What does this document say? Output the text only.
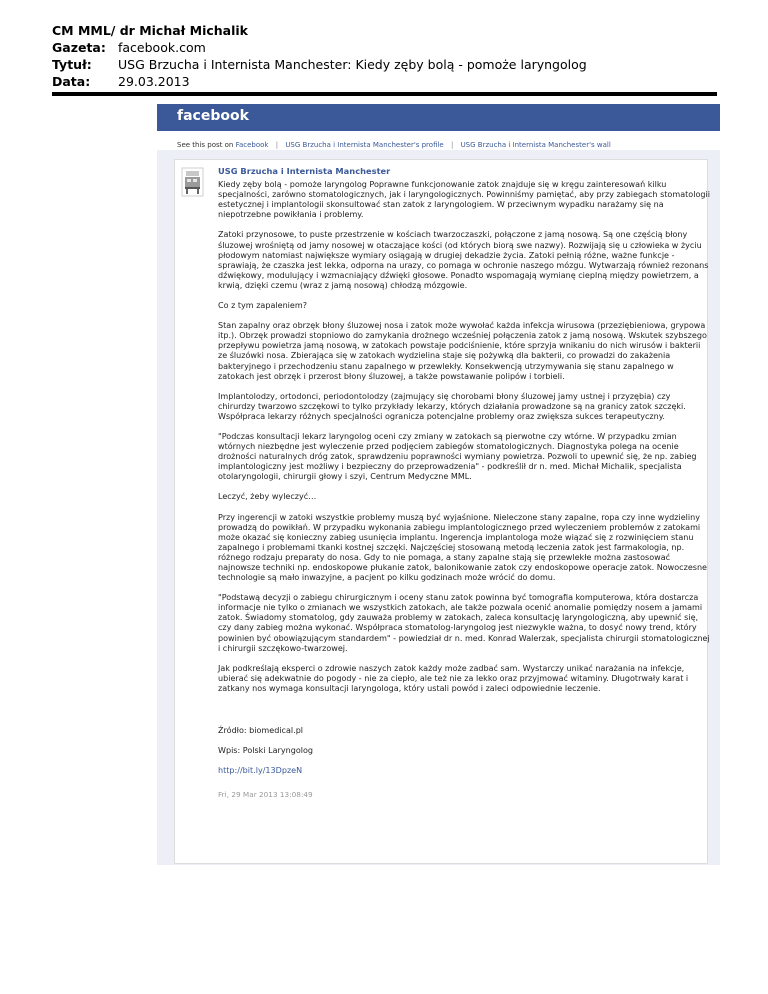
CM MML/ dr Michał Michalik
Gazeta: facebook.com
Tytuł: USG Brzucha i Internista Manchester: Kiedy zęby bolą - pomoże laryngolog
Data: 29.03.2013
facebook
See this post on Facebook | USG Brzucha i Internista Manchester's profile | USG Brzucha i Internista Manchester's wall
USG Brzucha i Internista Manchester

Kiedy zęby bolą - pomoże laryngolog Poprawne funkcjonowanie zatok znajduje się w kręgu zainteresowań kilku specjalności, zarówno stomatologicznych, jak i laryngologicznych. Powinniśmy pamiętać, aby przy zabiegach stomatologii estetycznej i implantologii skonsultować stan zatok z laryngologiem. W przeciwnym wypadku narażamy się na niepotrzebne powikłania i problemy.

Zatoki przynosowe, to puste przestrzenie w kościach twarzoczaszki, połączone z jamą nosową. Są one częścią błony śluzowej wrośniętą od jamy nosowej w otaczające kości (od których biorą swe nazwy). Rozwijają się u człowieka w życiu płodowym natomiast największe wymiary osiągają w drugiej dekadzie życia. Zatoki pełnią różne, ważne funkcje - sprawiają, że czaszka jest lekka, odporna na urazy, co pomaga w ochronie naszego mózgu. Wytwarzają również rezonans dźwiękowy, modulujący i wzmacniający dźwięki głosowe. Ponadto wspomagają wymianę cieplną między powietrzem, a krwią, dzięki czemu (wraz z jamą nosową) chłodzą mózgowie.

Co z tym zapaleniem?

Stan zapalny oraz obrzęk błony śluzowej nosa i zatok może wywołać każda infekcja wirusowa (przeziębieniowa, grypowa itp.). Obrzęk prowadzi stopniowo do zamykania drożnego wcześniej połączenia zatok z jamą nosową. Wskutek szybszego przepływu powietrza jamą nosową, w zatokach powstaje podciśnienie, które sprzyja wnikaniu do nich wirusów i bakterii ze śluzówki nosa. Zbierająca się w zatokach wydzielina staje się pożywką dla bakterii, co prowadzi do zakażenia bakteryjnego i przechodzeniu stanu zapalnego w przewlekły. Konsekwencją utrzymywania się stanu zapalnego w zatokach jest obrzęk i przerost błony śluzowej, a także powstawanie polipów i torbieli.

Implantolodzy, ortodonci, periodontolodzy (zajmujący się chorobami błony śluzowej jamy ustnej i przyzębia) czy chirurdzy twarzowo szczękowi to tylko przykłady lekarzy, których działania prowadzone są na granicy zatok szczęki. Współpraca lekarzy różnych specjalności ogranicza potencjalne problemy oraz zwiększa sukces terapeutyczny.

"Podczas konsultacji lekarz laryngolog oceni czy zmiany w zatokach są pierwotne czy wtórne. W przypadku zmian wtórnych niezbędne jest wyleczenie przed podjęciem zabiegów stomatologicznych. Diagnostyka polega na ocenie drożności naturalnych dróg zatok, sprawdzeniu poprawności wymiany powietrza. Pozwoli to upewnić się, że np. zabieg implantologiczny jest możliwy i bezpieczny do przeprowadzenia" - podkreślił dr n. med. Michał Michalik, specjalista otolaryngologii, chirurgii głowy i szyi, Centrum Medyczne MML.

Leczyć, żeby wyleczyć…

Przy ingerencji w zatoki wszystkie problemy muszą być wyjaśnione. Nieleczone stany zapalne, ropa czy inne wydzieliny prowadzą do powikłań. W przypadku wykonania zabiegu implantologicznego przed wyleczeniem problemów z zatokami może okazać się konieczny zabieg usunięcia implantu. Ingerencja implantologa może wiązać się z rozwinięciem stanu zapalnego i problemami tkanki kostnej szczęki. Najczęściej stosowaną metodą leczenia zatok jest farmakologia, np. różnego rodzaju preparaty do nosa. Gdy to nie pomaga, a stany zapalne stają się przewlekłe można zastosować najnowsze techniki np. endoskopowe płukanie zatok, balonikowanie zatok czy endoskopowe operacje zatok. Nowoczesne technologie są mało inwazyjne, a pacjent po kilku godzinach może wrócić do domu.

"Podstawą decyzji o zabiegu chirurgicznym i oceny stanu zatok powinna być tomografia komputerowa, która dostarcza informacje nie tylko o zmianach we wszystkich zatokach, ale także pozwala ocenić anomalie pomiędzy nosem a jamami zatok. Świadomy stomatolog, gdy zauważa problemy w zatokach, zaleca konsultację laryngologiczną, aby upewnić się, czy dany zabieg można wykonać. Współpraca stomatolog-laryngolog jest niezwykle ważna, to dosyć nowy trend, który powinien być obowiązującym standardem" - powiedział dr n. med. Konrad Walerzak, specjalista chirurgii stomatologicznej i chirurgii szczękowo-twarzowej.

Jak podkreślają eksperci o zdrowie naszych zatok każdy może zadbać sam. Wystarczy unikać narażania na infekcje, ubierać się adekwatnie do pogody - nie za ciepło, ale też nie za lekko oraz przyjmować witaminy. Długotrwały karat i zatkany nos wymaga konsultacji laryngologa, który ustali powód i zaleci odpowiednie leczenie.

Źródło: biomedical.pl

Wpis: Polski Laryngolog

http://bit.ly/13DpzeN

Fri, 29 Mar 2013 13:08:49
